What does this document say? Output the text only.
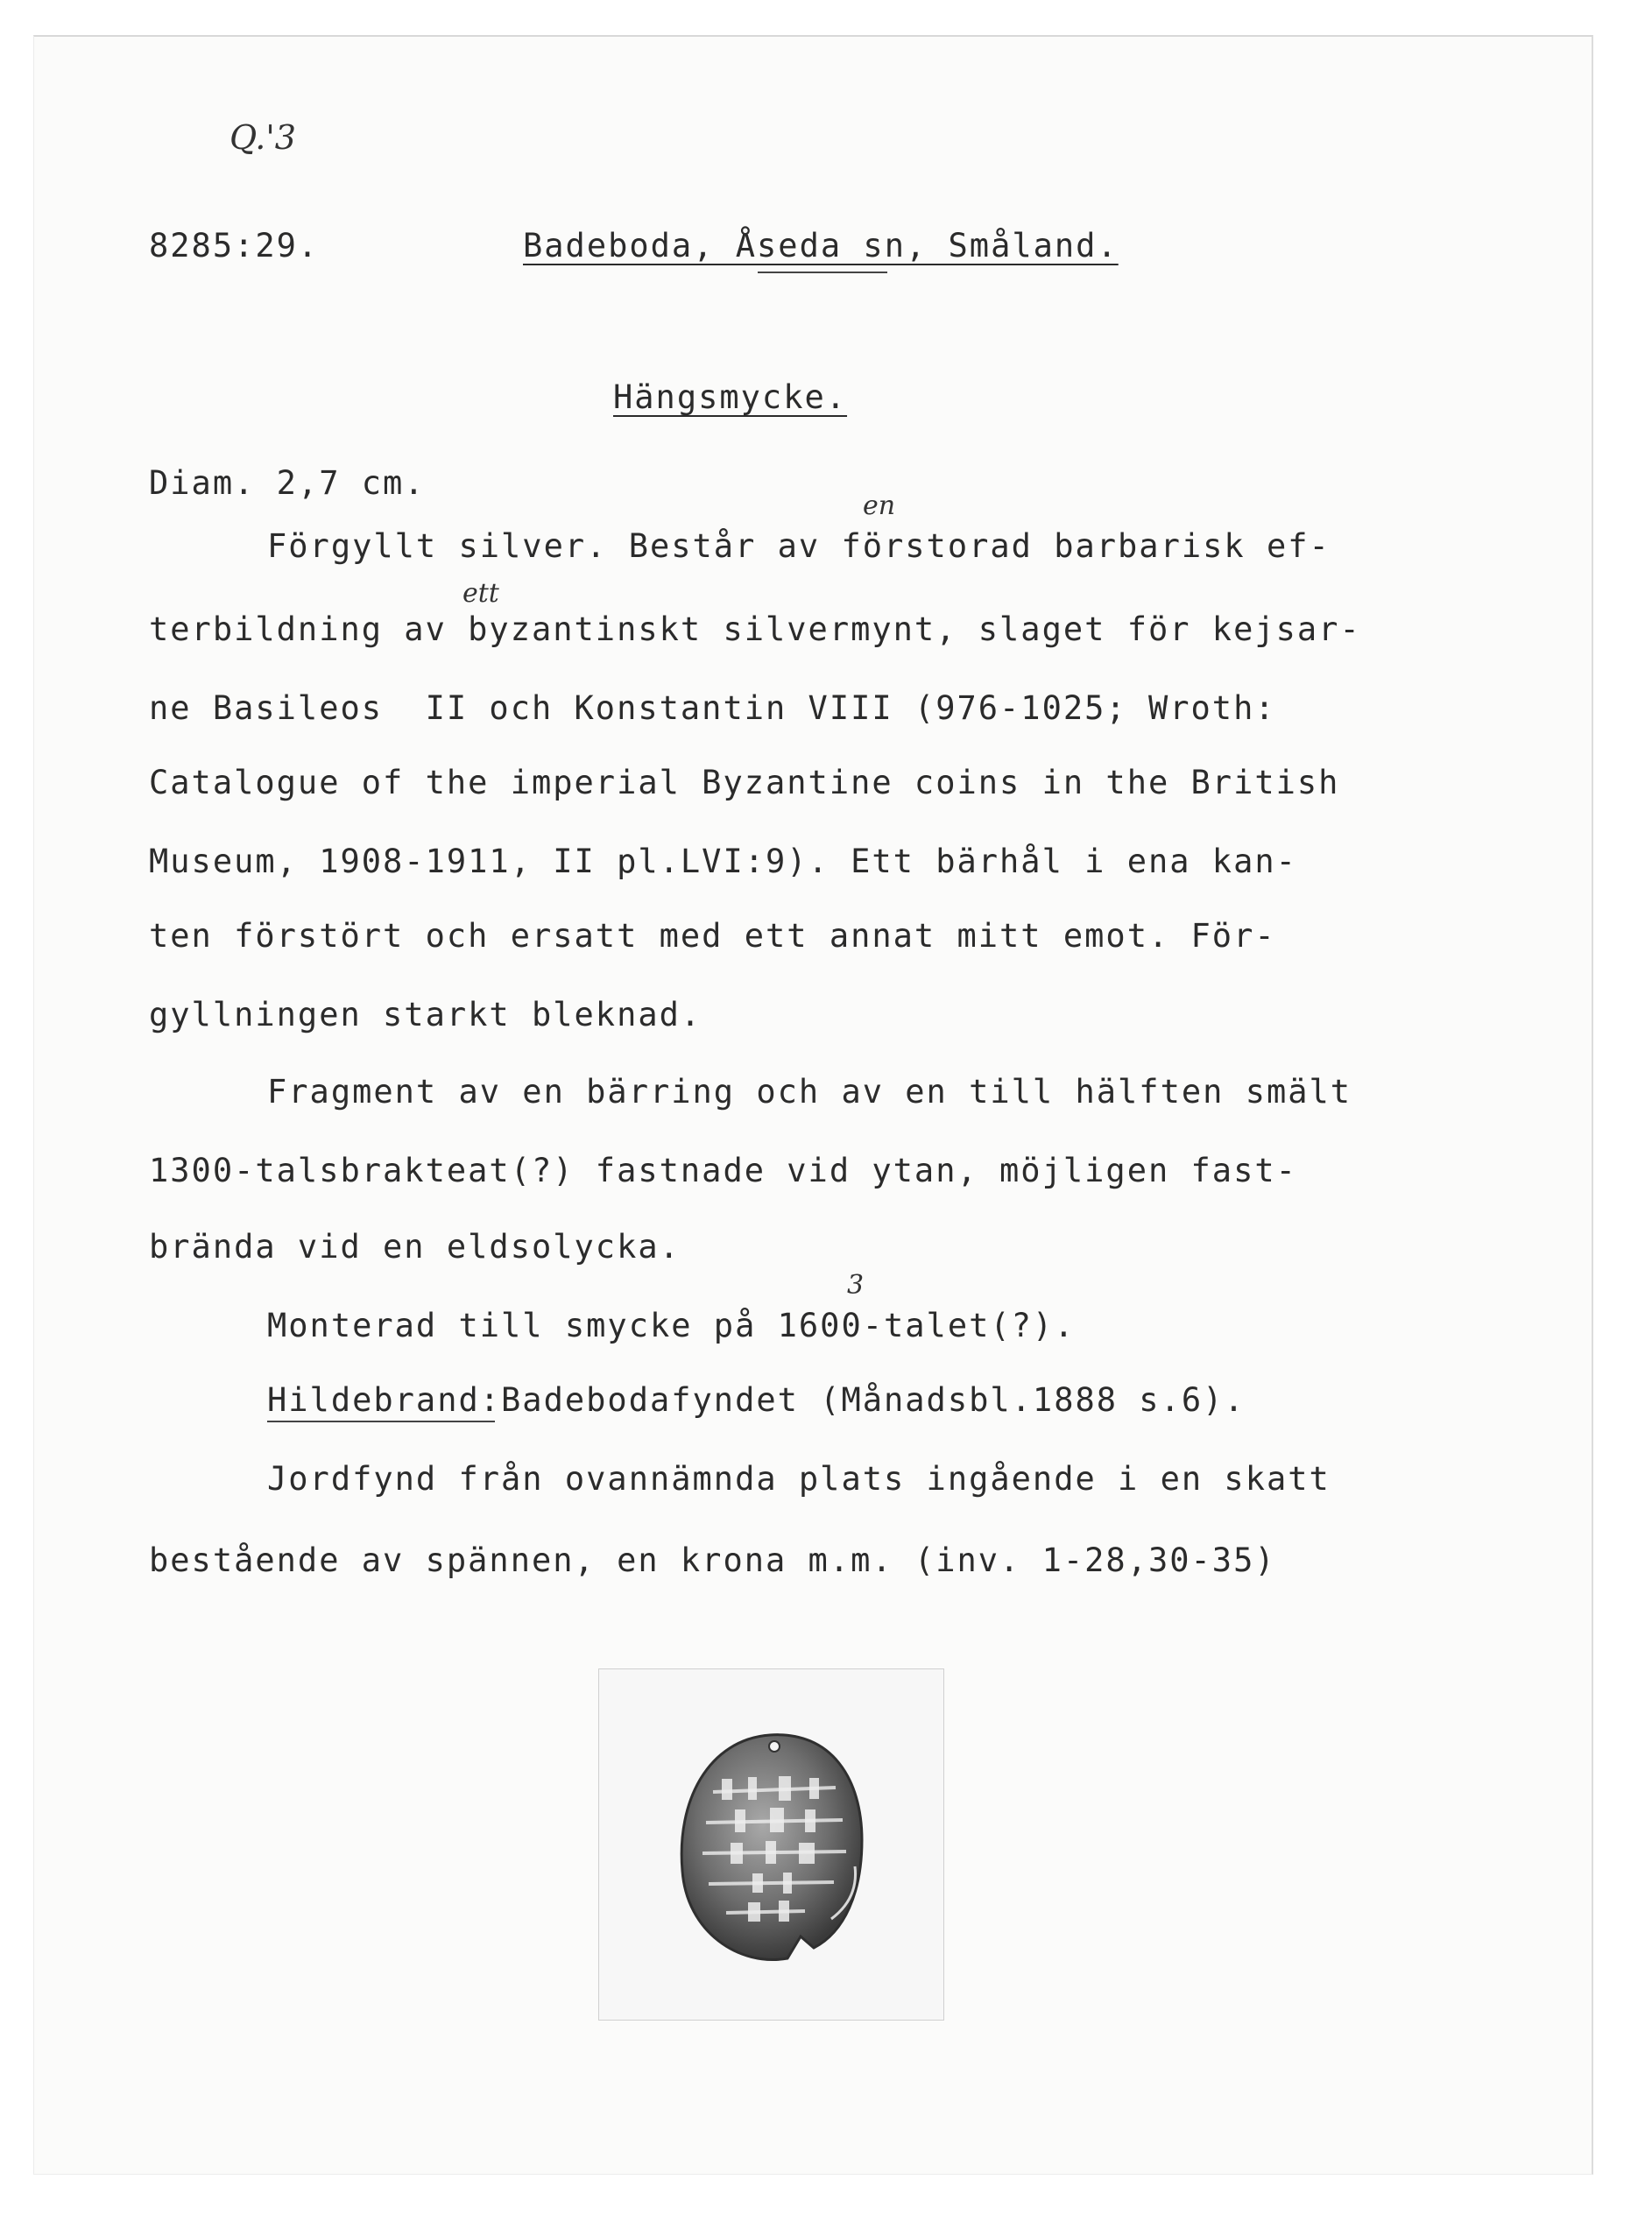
Q.'3
8285:29.	Badeboda, Åseda sn, Småland.
Hängsmycke.
Diam. 2,7 cm.
en
ett
3
Förgyllt silver. Består av förstorad barbarisk ef-
terbildning av byzantinskt silvermynt, slaget för kejsar-
ne Basileos  II och Konstantin VIII (976-1025; Wroth:
Catalogue of the imperial Byzantine coins in the British
Museum, 1908-1911, II pl.LVI:9). Ett bärhål i ena kan-
ten förstört och ersatt med ett annat mitt emot. För-
gyllningen starkt bleknad.
Fragment av en bärring och av en till hälften smält
1300-talsbrakteat(?) fastnade vid ytan, möjligen fast-
brända vid en eldsolycka.
Monterad till smycke på 1600-talet(?).
Hildebrand:Badebodafyndet (Månadsbl.1888 s.6).
Jordfynd från ovannämnda plats ingående i en skatt
bestående av spännen, en krona m.m. (inv. 1-28,30-35)
